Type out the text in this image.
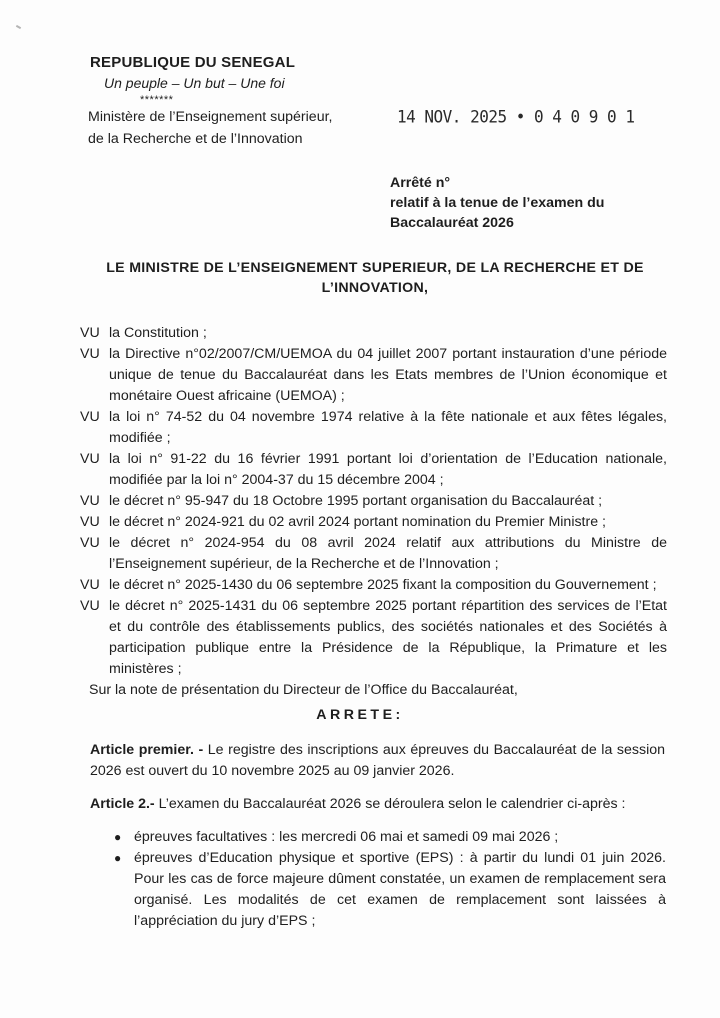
REPUBLIQUE DU SENEGAL
Un peuple – Un but – Une foi
*******
Ministère de l’Enseignement supérieur,
de la Recherche et de l’Innovation
14 NOV. 2025 • 0 4 0 9 0 1
Arrêté n°
relatif à la tenue de l’examen du
Baccalauréat 2026
LE MINISTRE DE L’ENSEIGNEMENT SUPERIEUR, DE LA RECHERCHE ET DE L’INNOVATION,
VU la Constitution ;
VU la Directive n°02/2007/CM/UEMOA du 04 juillet 2007 portant instauration d’une période unique de tenue du Baccalauréat dans les Etats membres de l’Union économique et monétaire Ouest africaine (UEMOA) ;
VU la loi n° 74-52 du 04 novembre 1974 relative à la fête nationale et aux fêtes légales, modifiée ;
VU la loi n° 91-22 du 16 février 1991 portant loi d’orientation de l’Education nationale, modifiée par la loi n° 2004-37 du 15 décembre 2004 ;
VU le décret n° 95-947 du 18 Octobre 1995 portant organisation du Baccalauréat ;
VU le décret n° 2024-921 du 02 avril 2024 portant nomination du Premier Ministre ;
VU le décret n° 2024-954 du 08 avril 2024 relatif aux attributions du Ministre de l’Enseignement supérieur, de la Recherche et de l’Innovation ;
VU le décret n° 2025-1430 du 06 septembre 2025 fixant la composition du Gouvernement ;
VU le décret n° 2025-1431 du 06 septembre 2025 portant répartition des services de l’Etat et du contrôle des établissements publics, des sociétés nationales et des Sociétés à participation publique entre la Présidence de la République, la Primature et les ministères ;
Sur la note de présentation du Directeur de l’Office du Baccalauréat,
ARRETE:
Article premier. - Le registre des inscriptions aux épreuves du Baccalauréat de la session 2026 est ouvert du 10 novembre 2025 au 09 janvier 2026.
Article 2.- L’examen du Baccalauréat 2026 se déroulera selon le calendrier ci-après :
● épreuves facultatives : les mercredi 06 mai et samedi 09 mai 2026 ;
● épreuves d’Education physique et sportive (EPS) : à partir du lundi 01 juin 2026. Pour les cas de force majeure dûment constatée, un examen de remplacement sera organisé. Les modalités de cet examen de remplacement sont laissées à l’appréciation du jury d’EPS ;
